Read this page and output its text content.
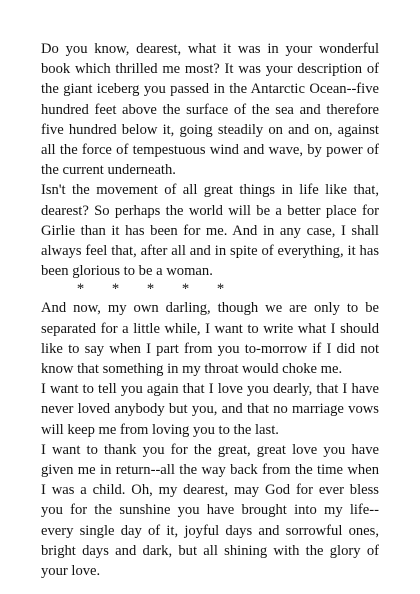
Do you know, dearest, what it was in your wonderful book which thrilled me most? It was your description of the giant iceberg you passed in the Antarctic Ocean--five hundred feet above the surface of the sea and therefore five hundred below it, going steadily on and on, against all the force of tempestuous wind and wave, by power of the current underneath.

Isn't the movement of all great things in life like that, dearest? So perhaps the world will be a better place for Girlie than it has been for me. And in any case, I shall always feel that, after all and in spite of everything, it has been glorious to be a woman.

* * * * *

And now, my own darling, though we are only to be separated for a little while, I want to write what I should like to say when I part from you to-morrow if I did not know that something in my throat would choke me.

I want to tell you again that I love you dearly, that I have never loved anybody but you, and that no marriage vows will keep me from loving you to the last.

I want to thank you for the great, great love you have given me in return--all the way back from the time when I was a child. Oh, my dearest, may God for ever bless you for the sunshine you have brought into my life--every single day of it, joyful days and sorrowful ones, bright days and dark, but all shining with the glory of your love.
